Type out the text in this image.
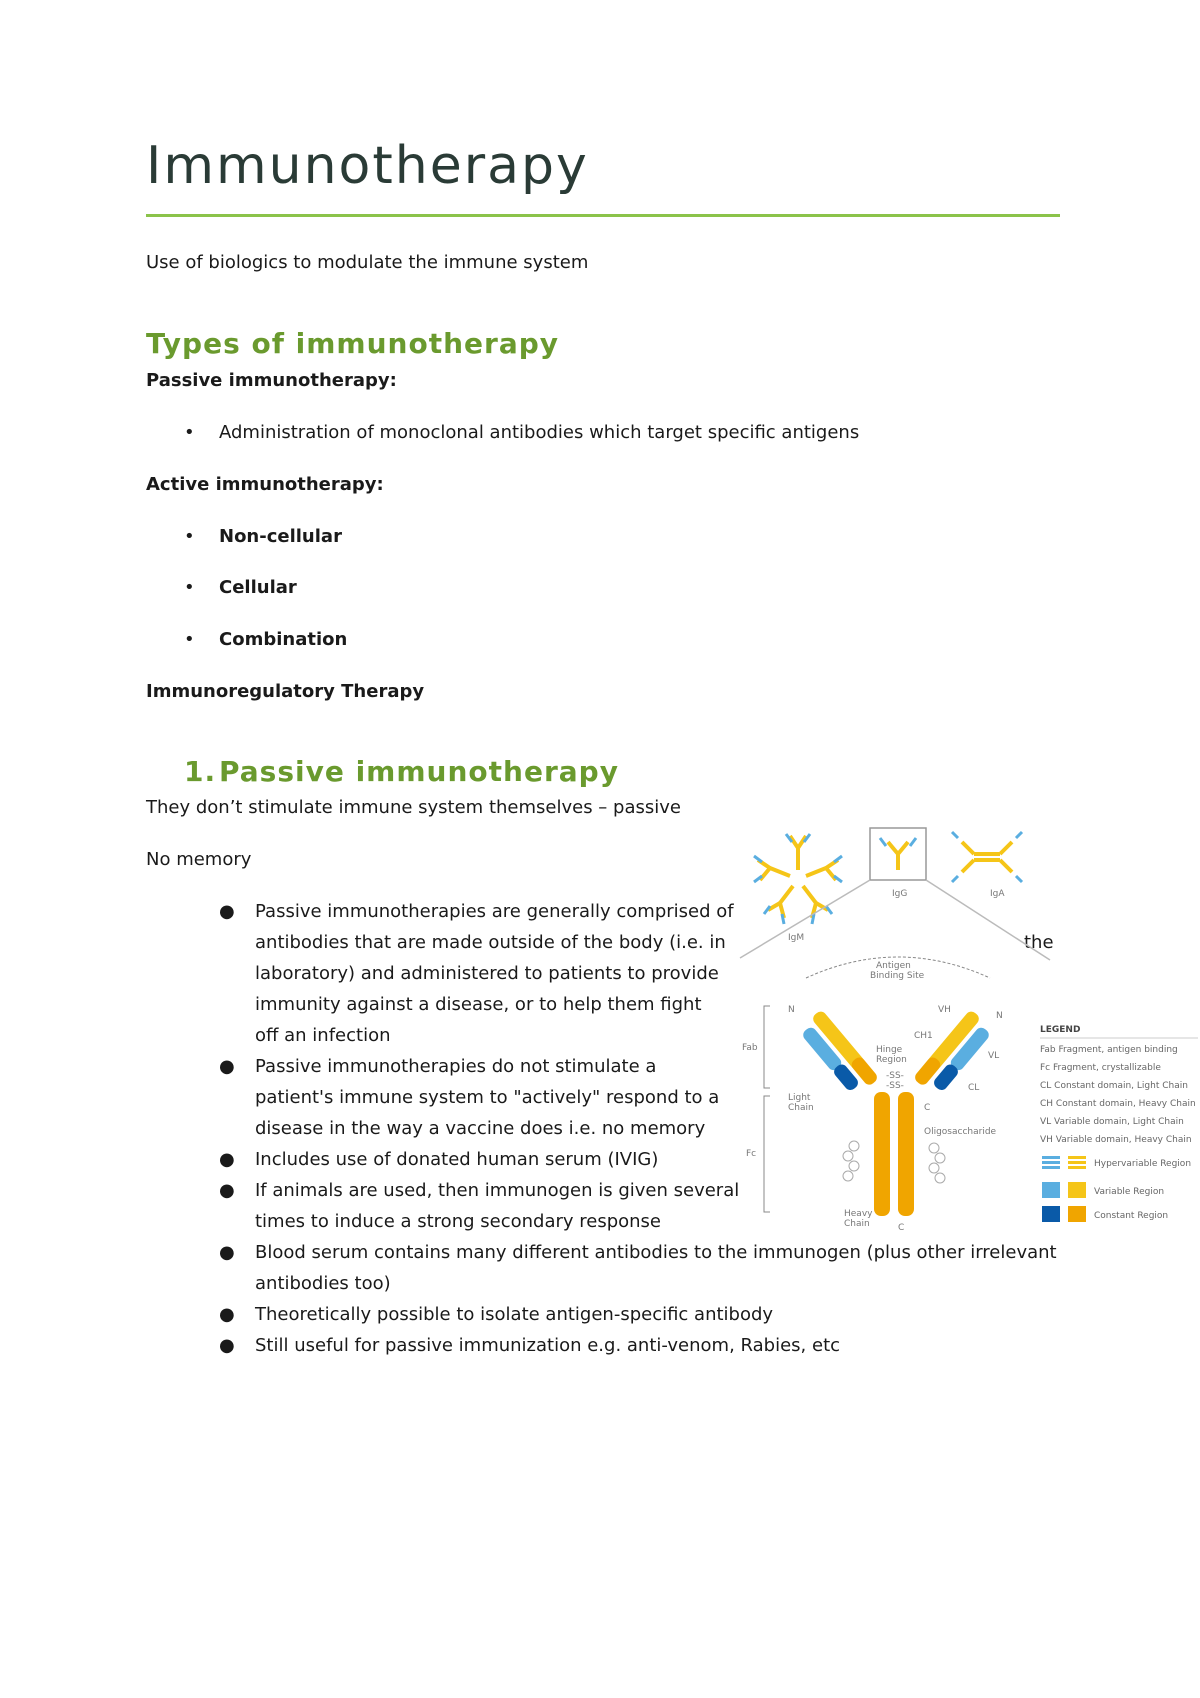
Immunotherapy
Use of biologics to modulate the immune system
Types of immunotherapy
Passive immunotherapy:
• Administration of monoclonal antibodies which target specific antigens
Active immunotherapy:
• Non-cellular
• Cellular
• Combination
Immunoregulatory Therapy
1. Passive immunotherapy
They don’t stimulate immune system themselves – passive
No memory
● Passive immunotherapies are generally comprised of
antibodies that are made outside of the body (i.e. in	the
laboratory) and administered to patients to provide
immunity against a disease, or to help them fight
off an infection
● Passive immunotherapies do not stimulate a
patient's immune system to "actively" respond to a
disease in the way a vaccine does i.e. no memory
● Includes use of donated human serum (IVIG)
● If animals are used, then immunogen is given several
times to induce a strong secondary response
● Blood serum contains many different antibodies to the immunogen (plus other irrelevant
antibodies too)
● Theoretically possible to isolate antigen-specific antibody
● Still useful for passive immunization e.g. anti-venom, Rabies, etc
IgM
IgG	IgA
Antigen
Binding Site
Fab
Fc
Light
Chain
Heavy
Chain
Hinge
Region
-SS-
-SS-
Oligosaccharide
VH
VL
CH1
CL
N
N
C
C
LEGEND
Fab Fragment, antigen binding
Fc Fragment, crystallizable
CL Constant domain, Light Chain
CH Constant domain, Heavy Chain
VL Variable domain, Light Chain
VH Variable domain, Heavy Chain
Hypervariable Region
Variable Region
Constant Region
